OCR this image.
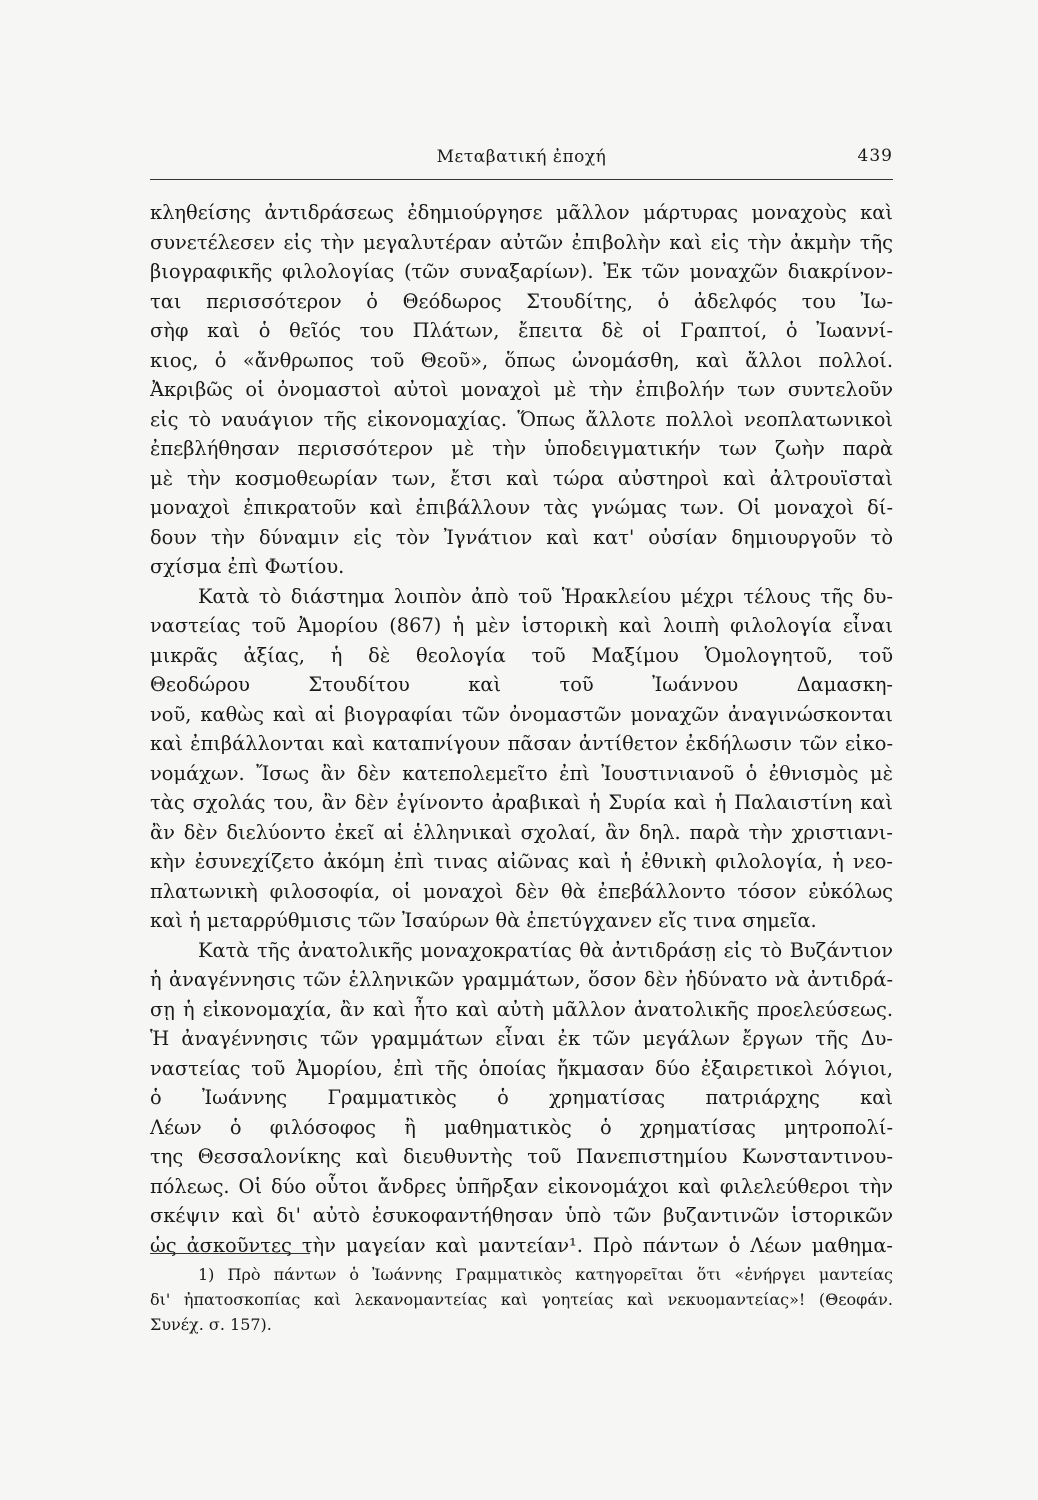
Μεταβατική ἐποχή	439
κληθείσης ἀντιδράσεως ἐδημιούργησε μᾶλλον μάρτυρας μοναχοὺς καὶ
συνετέλεσεν εἰς τὴν μεγαλυτέραν αὐτῶν ἐπιβολὴν καὶ εἰς τὴν ἀκμὴν τῆς
βιογραφικῆς φιλολογίας (τῶν συναξαρίων). Ἐκ τῶν μοναχῶν διακρίνον-
ται περισσότερον ὁ Θεόδωρος Στουδίτης, ὁ ἀδελφός του Ἰω-
σὴφ καὶ ὁ θεῖός του Πλάτων, ἔπειτα δὲ οἱ Γραπτοί, ὁ Ἰωαννί-
κιος, ὁ «ἄνθρωπος τοῦ Θεοῦ», ὅπως ὠνομάσθη, καὶ ἄλλοι πολλοί.
Ἀκριβῶς οἱ ὀνομαστοὶ αὐτοὶ μοναχοὶ μὲ τὴν ἐπιβολήν των συντελοῦν
εἰς τὸ ναυάγιον τῆς εἰκονομαχίας. Ὅπως ἄλλοτε πολλοὶ νεοπλατωνικοὶ
ἐπεβλήθησαν περισσότερον μὲ τὴν ὑποδειγματικήν των ζωὴν παρὰ
μὲ τὴν κοσμοθεωρίαν των, ἔτσι καὶ τώρα αὐστηροὶ καὶ ἀλτρουϊσταὶ
μοναχοὶ ἐπικρατοῦν καὶ ἐπιβάλλουν τὰς γνώμας των. Οἱ μοναχοὶ δί-
δουν τὴν δύναμιν εἰς τὸν Ἰγνάτιον καὶ κατ' οὐσίαν δημιουργοῦν τὸ
σχίσμα ἐπὶ Φωτίου.
Κατὰ τὸ διάστημα λοιπὸν ἀπὸ τοῦ Ἡρακλείου μέχρι τέλους τῆς δυ-
ναστείας τοῦ Ἀμορίου (867) ἡ μὲν ἱστορικὴ καὶ λοιπὴ φιλολογία εἶναι
μικρᾶς ἀξίας, ἡ δὲ θεολογία τοῦ Μαξίμου Ὁμολογητοῦ, τοῦ
Θεοδώρου Στουδίτου καὶ τοῦ Ἰωάννου Δαμασκη-
νοῦ, καθὼς καὶ αἱ βιογραφίαι τῶν ὀνομαστῶν μοναχῶν ἀναγινώσκονται
καὶ ἐπιβάλλονται καὶ καταπνίγουν πᾶσαν ἀντίθετον ἐκδήλωσιν τῶν εἰκο-
νομάχων. Ἴσως ἂν δὲν κατεπολεμεῖτο ἐπὶ Ἰουστινιανοῦ ὁ ἐθνισμὸς μὲ
τὰς σχολάς του, ἂν δὲν ἐγίνοντο ἀραβικαὶ ἡ Συρία καὶ ἡ Παλαιστίνη καὶ
ἂν δὲν διελύοντο ἐκεῖ αἱ ἑλληνικαὶ σχολαί, ἂν δηλ. παρὰ τὴν χριστιανι-
κὴν ἐσυνεχίζετο ἀκόμη ἐπὶ τινας αἰῶνας καὶ ἡ ἐθνικὴ φιλολογία, ἡ νεο-
πλατωνικὴ φιλοσοφία, οἱ μοναχοὶ δὲν θὰ ἐπεβάλλοντο τόσον εὐκόλως
καὶ ἡ μεταρρύθμισις τῶν Ἰσαύρων θὰ ἐπετύγχανεν εἴς τινα σημεῖα.
Κατὰ τῆς ἀνατολικῆς μοναχοκρατίας θὰ ἀντιδράσῃ εἰς τὸ Βυζάντιον
ἡ ἀναγέννησις τῶν ἑλληνικῶν γραμμάτων, ὅσον δὲν ἠδύνατο νὰ ἀντιδρά-
σῃ ἡ εἰκονομαχία, ἂν καὶ ἦτο καὶ αὐτὴ μᾶλλον ἀνατολικῆς προελεύσεως.
Ἡ ἀναγέννησις τῶν γραμμάτων εἶναι ἐκ τῶν μεγάλων ἔργων τῆς Δυ-
ναστείας τοῦ Ἀμορίου, ἐπὶ τῆς ὁποίας ἤκμασαν δύο ἐξαιρετικοὶ λόγιοι,
ὁ Ἰωάννης Γραμματικὸς ὁ χρηματίσας πατριάρχης καὶ
Λέων ὁ φιλόσοφος ἢ μαθηματικὸς ὁ χρηματίσας μητροπολί-
της Θεσσαλονίκης καὶ διευθυντὴς τοῦ Πανεπιστημίου Κωνσταντινου-
πόλεως. Οἱ δύο οὗτοι ἄνδρες ὑπῆρξαν εἰκονομάχοι καὶ φιλελεύθεροι τὴν
σκέψιν καὶ δι' αὐτὸ ἐσυκοφαντήθησαν ὑπὸ τῶν βυζαντινῶν ἱστορικῶν
ὡς ἀσκοῦντες τὴν μαγείαν καὶ μαντείαν¹. Πρὸ πάντων ὁ Λέων μαθημα-
1) Πρὸ πάντων ὁ Ἰωάννης Γραμματικὸς κατηγορεῖται ὅτι «ἐνήργει μαντείας
δι' ἠπατοσκοπίας καὶ λεκανομαντείας καὶ γοητείας καὶ νεκυομαντείας»! (Θεοφάν.
Συνέχ. σ. 157).
